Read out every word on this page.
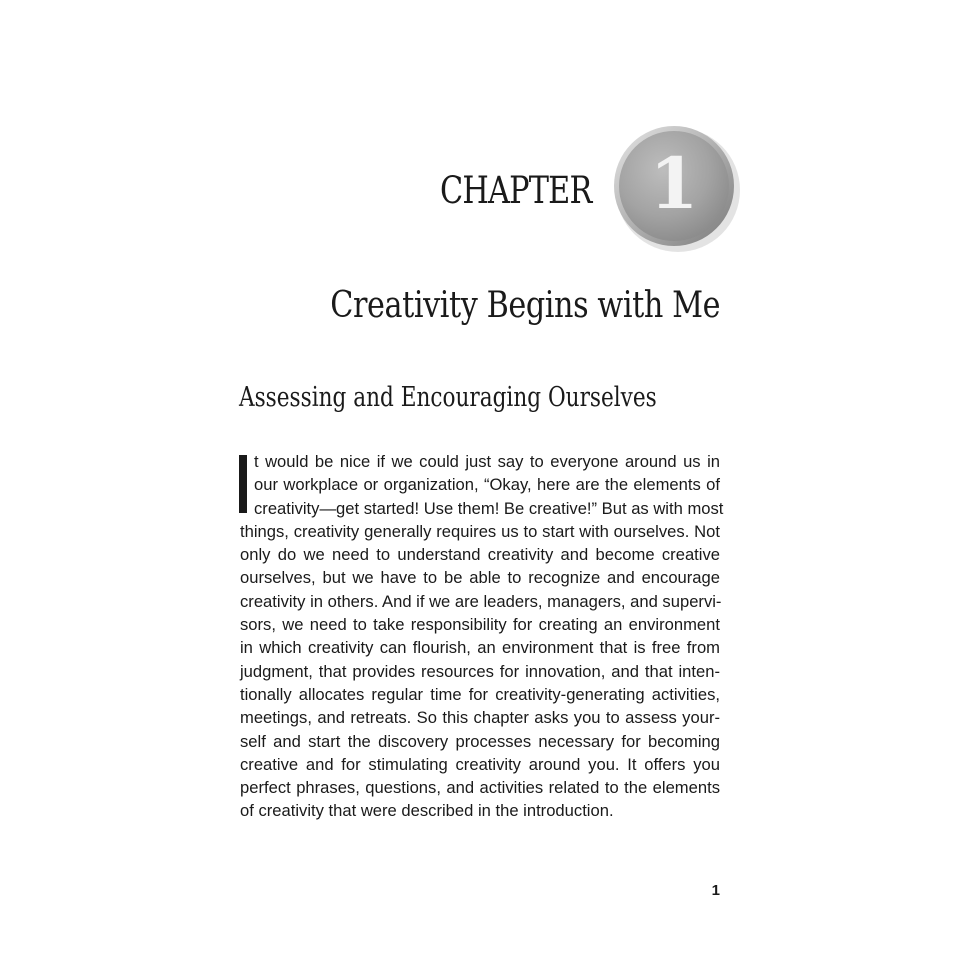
CHAPTER 1
Creativity Begins with Me
Assessing and Encouraging Ourselves
t would be nice if we could just say to everyone around us in
our workplace or organization, “Okay, here are the elements of
creativity—get started! Use them! Be creative!” But as with most
things, creativity generally requires us to start with ourselves. Not
only do we need to understand creativity and become creative
ourselves, but we have to be able to recognize and encourage
creativity in others. And if we are leaders, managers, and supervi-
sors, we need to take responsibility for creating an environment
in which creativity can flourish, an environment that is free from
judgment, that provides resources for innovation, and that inten-
tionally allocates regular time for creativity-generating activities,
meetings, and retreats. So this chapter asks you to assess your-
self and start the discovery processes necessary for becoming
creative and for stimulating creativity around you. It offers you
perfect phrases, questions, and activities related to the elements
of creativity that were described in the introduction.
1
